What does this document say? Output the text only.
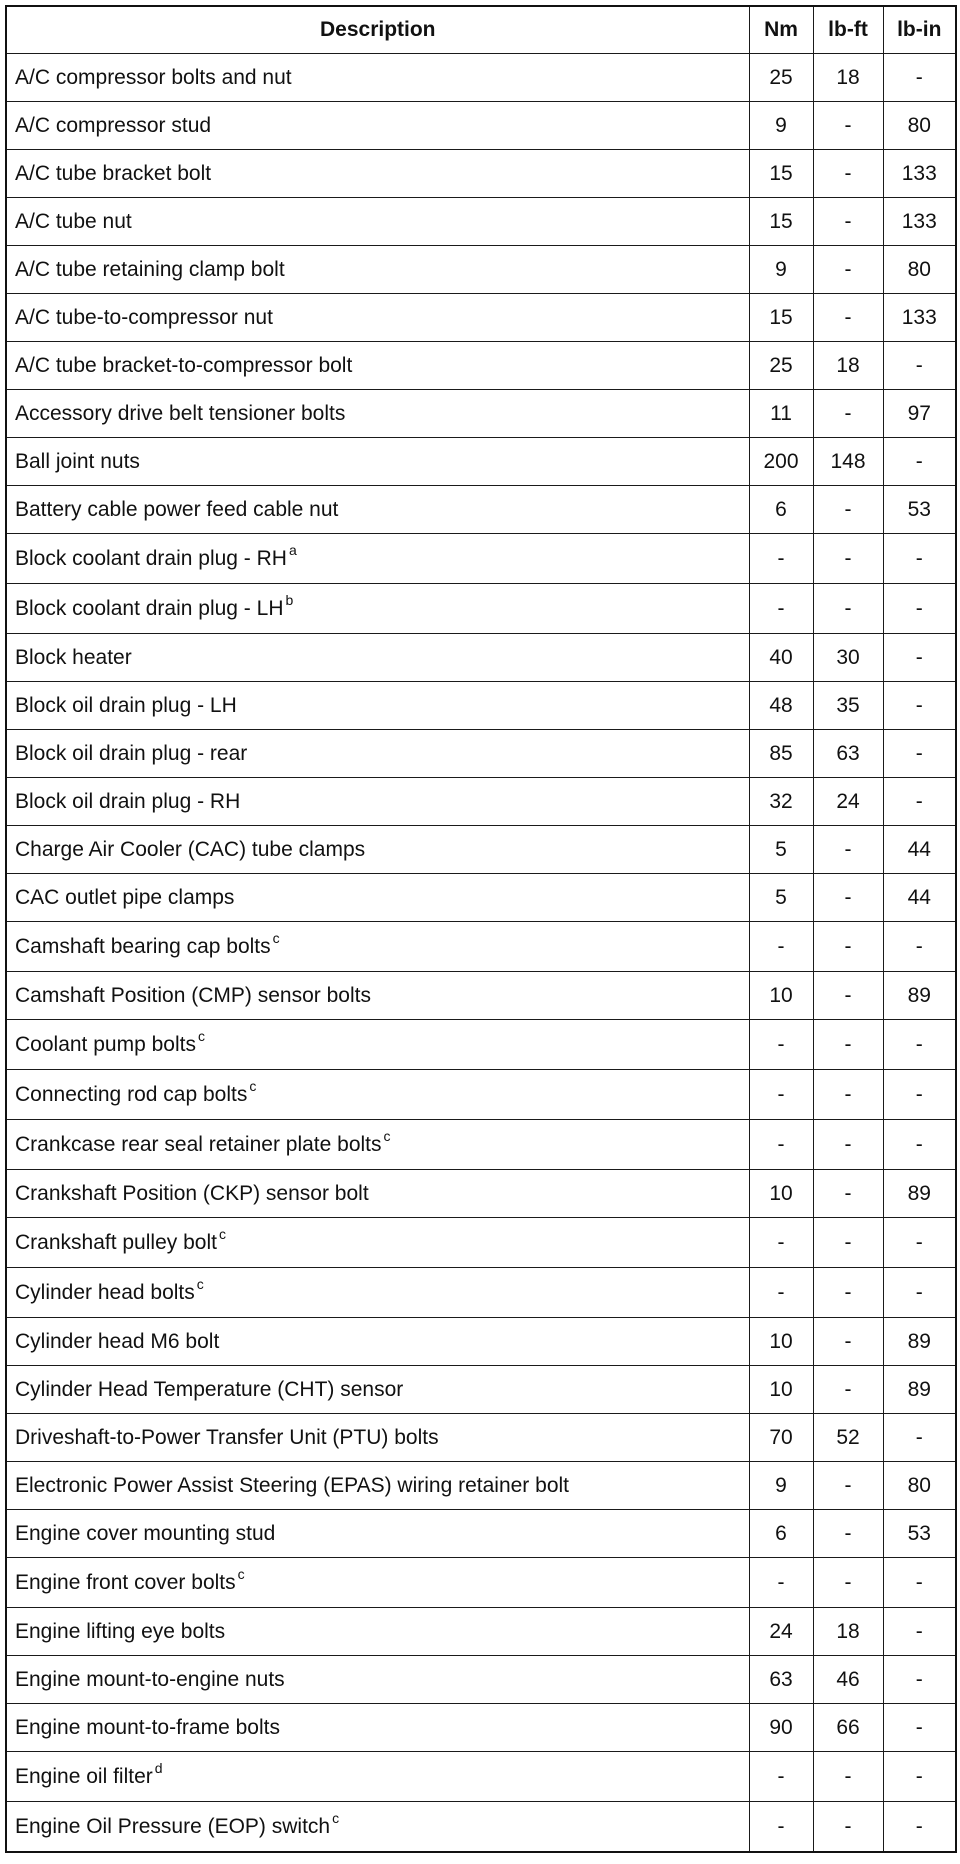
Description	Nm	lb-ft	lb-in
A/C compressor bolts and nut	25	18	-
A/C compressor stud	9	-	80
A/C tube bracket bolt	15	-	133
A/C tube nut	15	-	133
A/C tube retaining clamp bolt	9	-	80
A/C tube-to-compressor nut	15	-	133
A/C tube bracket-to-compressor bolt	25	18	-
Accessory drive belt tensioner bolts	11	-	97
Ball joint nuts	200	148	-
Battery cable power feed cable nut	6	-	53
Block coolant drain plug - RH $^a$	-	-	-
Block coolant drain plug - LH $^b$	-	-	-
Block heater	40	30	-
Block oil drain plug - LH	48	35	-
Block oil drain plug - rear	85	63	-
Block oil drain plug - RH	32	24	-
Charge Air Cooler (CAC) tube clamps	5	-	44
CAC outlet pipe clamps	5	-	44
Camshaft bearing cap bolts $^c$	-	-	-
Camshaft Position (CMP) sensor bolts	10	-	89
Coolant pump bolts $^c$	-	-	-
Connecting rod cap bolts $^c$	-	-	-
Crankcase rear seal retainer plate bolts $^c$	-	-	-
Crankshaft Position (CKP) sensor bolt	10	-	89
Crankshaft pulley bolt $^c$	-	-	-
Cylinder head bolts $^c$	-	-	-
Cylinder head M6 bolt	10	-	89
Cylinder Head Temperature (CHT) sensor	10	-	89
Driveshaft-to-Power Transfer Unit (PTU) bolts	70	52	-
Electronic Power Assist Steering (EPAS) wiring retainer bolt	9	-	80
Engine cover mounting stud	6	-	53
Engine front cover bolts $^c$	-	-	-
Engine lifting eye bolts	24	18	-
Engine mount-to-engine nuts	63	46	-
Engine mount-to-frame bolts	90	66	-
Engine oil filter $^d$	-	-	-
Engine Oil Pressure (EOP) switch $^c$	-	-	-
